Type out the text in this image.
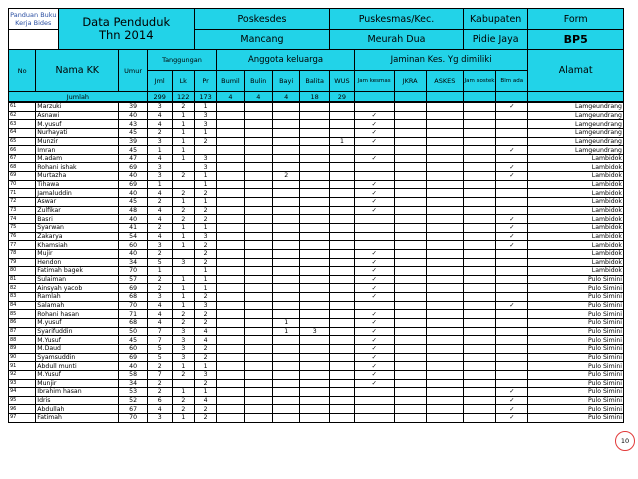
Panduan Buku Kerja Bides		Data Penduduk
Thn 2014				Poskesdes					Puskesmas/Kec.				Kabupaten		Form
						Mancang					Meurah Dua				Pidie Jaya		BP5
No	Nama KK		Umur	Tanggungan			Anggota keluarga					Jaminan Kes. Yg dimiliki					Alamat
				Jml	Lk	Pr	Bumil	Bulin	Bayi	Balita	WUS	Jam kesmas	JKRA	ASKES	Jam sostek	Blm ada	
Jumlah				299	122	173	4	4	4	18	29						
61	Marzuki	39	3	2	1										✓	Lamgeundrang
62	Asnawi	40	4	1	3						✓					Lamgeundrang
63	M.yusuf	43	4	1	3						✓					Lamgeundrang
64	Nurhayati	45	2	1	1						✓					Lamgeundrang
65	Munzir	39	3	1	2					1	✓					Lamgeundrang
66	Imran	45	1	1											✓	Lamgeundrang
67	M.adam	47	4	1	3						✓					Lambidok
68	Rohani ishak	69	3		3										✓	Lambidok
69	Murtazha	40	3	2	1			2							✓	Lambidok
70	Tihawa	69	1		1						✓					Lambidok
71	Jamaluddin	40	4	2	2						✓					Lambidok
72	Aswar	45	2	1	1						✓					Lambidok
73	Zulfikar	48	4	2	2						✓					Lambidok
74	Basri	40	4	2	2										✓	Lambidok
75	Syarwan	41	2	1	1										✓	Lambidok
76	Zakarya	54	4	1	3										✓	Lambidok
77	Khamsiah	60	3	1	2										✓	Lambidok
78	Mujir	40	2		2						✓					Lambidok
79	Hendon	34	5	3	2						✓					Lambidok
80	Fatimah bagek	70	1		1						✓					Lambidok
81	Sulaiman	57	2	1	1						✓					Pulo Simini
82	Ainsyah yacob	69	2	1	1						✓					Pulo Simini
83	Ramlah	68	3	1	2						✓					Pulo Simini
84	Salamah	70	4	1	3										✓	Pulo Simini
85	Rohani hasan	71	4	2	2						✓					Pulo Simini
86	M.yusuf	68	4	2	2			1			✓					Pulo Simini
87	Syarifuddin	50	7	3	4			1	3		✓					Pulo Simini
88	M.Yusuf	45	7	3	4						✓					Pulo Simini
89	M.Daud	60	5	3	2						✓					Pulo Simini
90	Syamsuddin	69	5	3	2						✓					Pulo Simini
91	Abdull munti	40	2	1	1						✓					Pulo Simini
92	M.Yusuf	58	7	2	3						✓					Pulo Simini
93	Munjir	34	2		2						✓					Pulo Simini
94	Ibrahim hasan	53	2	1	1										✓	Pulo Simini
95	Idris	52	6	2	4										✓	Pulo Simini
96	Abdullah	67	4	2	2										✓	Pulo Simini
97	Fatimah	70	3	1	2										✓	Pulo Simini
10
